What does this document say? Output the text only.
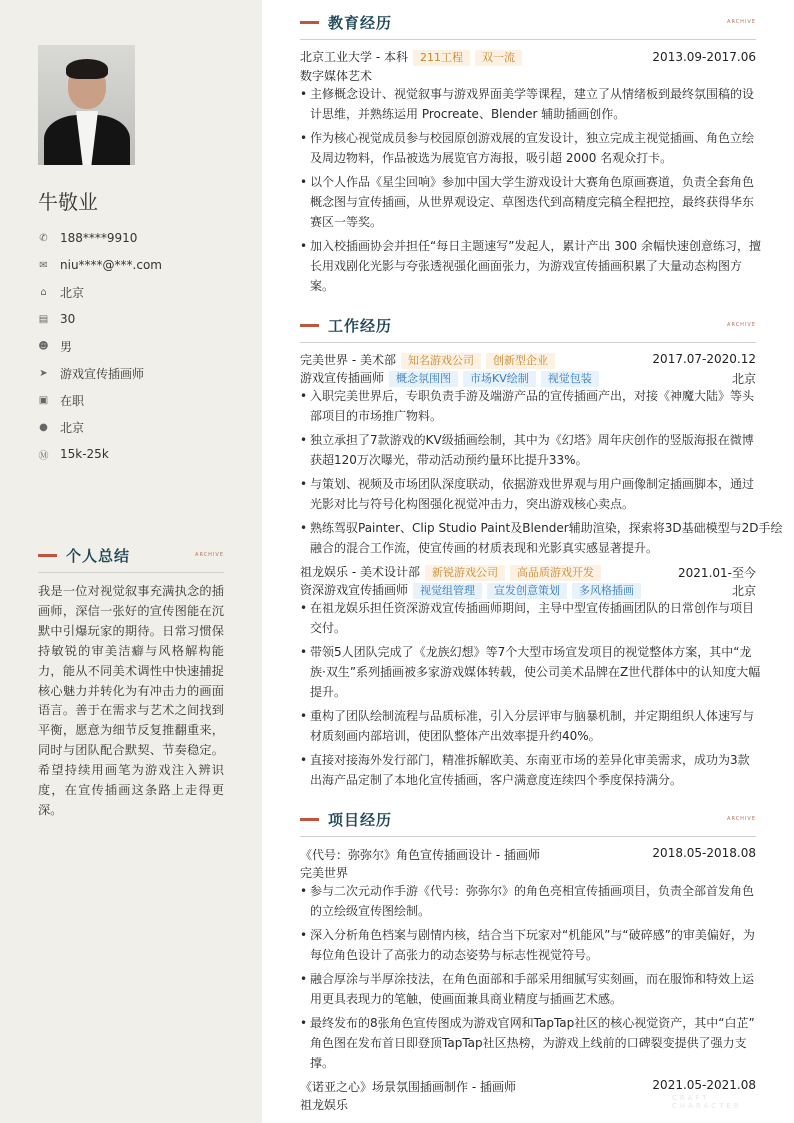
牛敬业
✆ 188****9910
✉ niu****@***.com
⌂ 北京
▤ 30
☻ 男
➤ 游戏宣传插画师
▣ 在职
● 北京
Ⓜ 15k-25k
个人总结	ARCHIVE
我是一位对视觉叙事充满执念的插画师，深信一张好的宣传图能在沉默中引爆玩家的期待。日常习惯保持敏锐的审美洁癖与风格解构能力，能从不同美术调性中快速捕捉核心魅力并转化为有冲击力的画面语言。善于在需求与艺术之间找到平衡，愿意为细节反复推翻重来，同时与团队配合默契、节奏稳定。希望持续用画笔为游戏注入辨识度，在宣传插画这条路上走得更深。
教育经历	ARCHIVE
北京工业大学 - 本科 211工程 双一流	2013.09-2017.06
数字媒体艺术
• 主修概念设计、视觉叙事与游戏界面美学等课程，建立了从情绪板到最终氛围稿的设
计思维，并熟练运用 Procreate、Blender 辅助插画创作。
• 作为核心视觉成员参与校园原创游戏展的宣发设计，独立完成主视觉插画、角色立绘
及周边物料，作品被选为展览官方海报，吸引超 2000 名观众打卡。
• 以个人作品《星尘回响》参加中国大学生游戏设计大赛角色原画赛道，负责全套角色
概念图与宣传插画，从世界观设定、草图迭代到高精度完稿全程把控，最终获得华东
赛区一等奖。
• 加入校插画协会并担任“每日主题速写”发起人，累计产出 300 余幅快速创意练习，擅
长用戏剧化光影与夸张透视强化画面张力，为游戏宣传插画积累了大量动态构图方
案。
工作经历	ARCHIVE
完美世界 - 美术部 知名游戏公司 创新型企业	2017.07-2020.12
游戏宣传插画师 概念氛围图 市场KV绘制 视觉包装	北京
祖龙娱乐 - 美术设计部 新锐游戏公司 高品质游戏开发	2021.01-至今
资深游戏宣传插画师 视觉组管理 宣发创意策划 多风格插画	北京
• 入职完美世界后，专职负责手游及端游产品的宣传插画产出，对接《神魔大陆》等头
部项目的市场推广物料。
• 独立承担了7款游戏的KV级插画绘制，其中为《幻塔》周年庆创作的竖版海报在微博
获超120万次曝光，带动活动预约量环比提升33%。
• 与策划、视频及市场团队深度联动，依据游戏世界观与用户画像制定插画脚本，通过
光影对比与符号化构图强化视觉冲击力，突出游戏核心卖点。
• 熟练驾驭Painter、Clip Studio Paint及Blender辅助渲染，探索将3D基础模型与2D手绘
融合的混合工作流，使宣传画的材质表现和光影真实感显著提升。
• 在祖龙娱乐担任资深游戏宣传插画师期间，主导中型宣传插画团队的日常创作与项目
交付。
• 带领5人团队完成了《龙族幻想》等7个大型市场宣发项目的视觉整体方案，其中“龙
族·双生”系列插画被多家游戏媒体转载，使公司美术品牌在Z世代群体中的认知度大幅
提升。
• 重构了团队绘制流程与品质标准，引入分层评审与脑暴机制，并定期组织人体速写与
材质刻画内部培训，使团队整体产出效率提升约40%。
• 直接对接海外发行部门，精准拆解欧美、东南亚市场的差异化审美需求，成功为3款
出海产品定制了本地化宣传插画，客户满意度连续四个季度保持满分。
项目经历	ARCHIVE
《代号：弥弥尔》角色宣传插画设计 - 插画师	2018.05-2018.08
完美世界
《诺亚之心》场景氛围插画制作 - 插画师	2021.05-2021.08
祖龙娱乐
• 参与二次元动作手游《代号：弥弥尔》的角色亮相宣传插画项目，负责全部首发角色
的立绘级宣传图绘制。
• 深入分析角色档案与剧情内核，结合当下玩家对“机能风”与“破碎感”的审美偏好，为
每位角色设计了高张力的动态姿势与标志性视觉符号。
• 融合厚涂与半厚涂技法，在角色面部和手部采用细腻写实刻画，而在服饰和特效上运
用更具表现力的笔触，使画面兼具商业精度与插画艺术感。
• 最终发布的8张角色宣传图成为游戏官网和TapTap社区的核心视觉资产，其中“白芷”
角色图在发布首日即登顶TapTap社区热榜，为游戏上线前的口碑裂变提供了强力支
撑。
CRAFT · CHARACTER
